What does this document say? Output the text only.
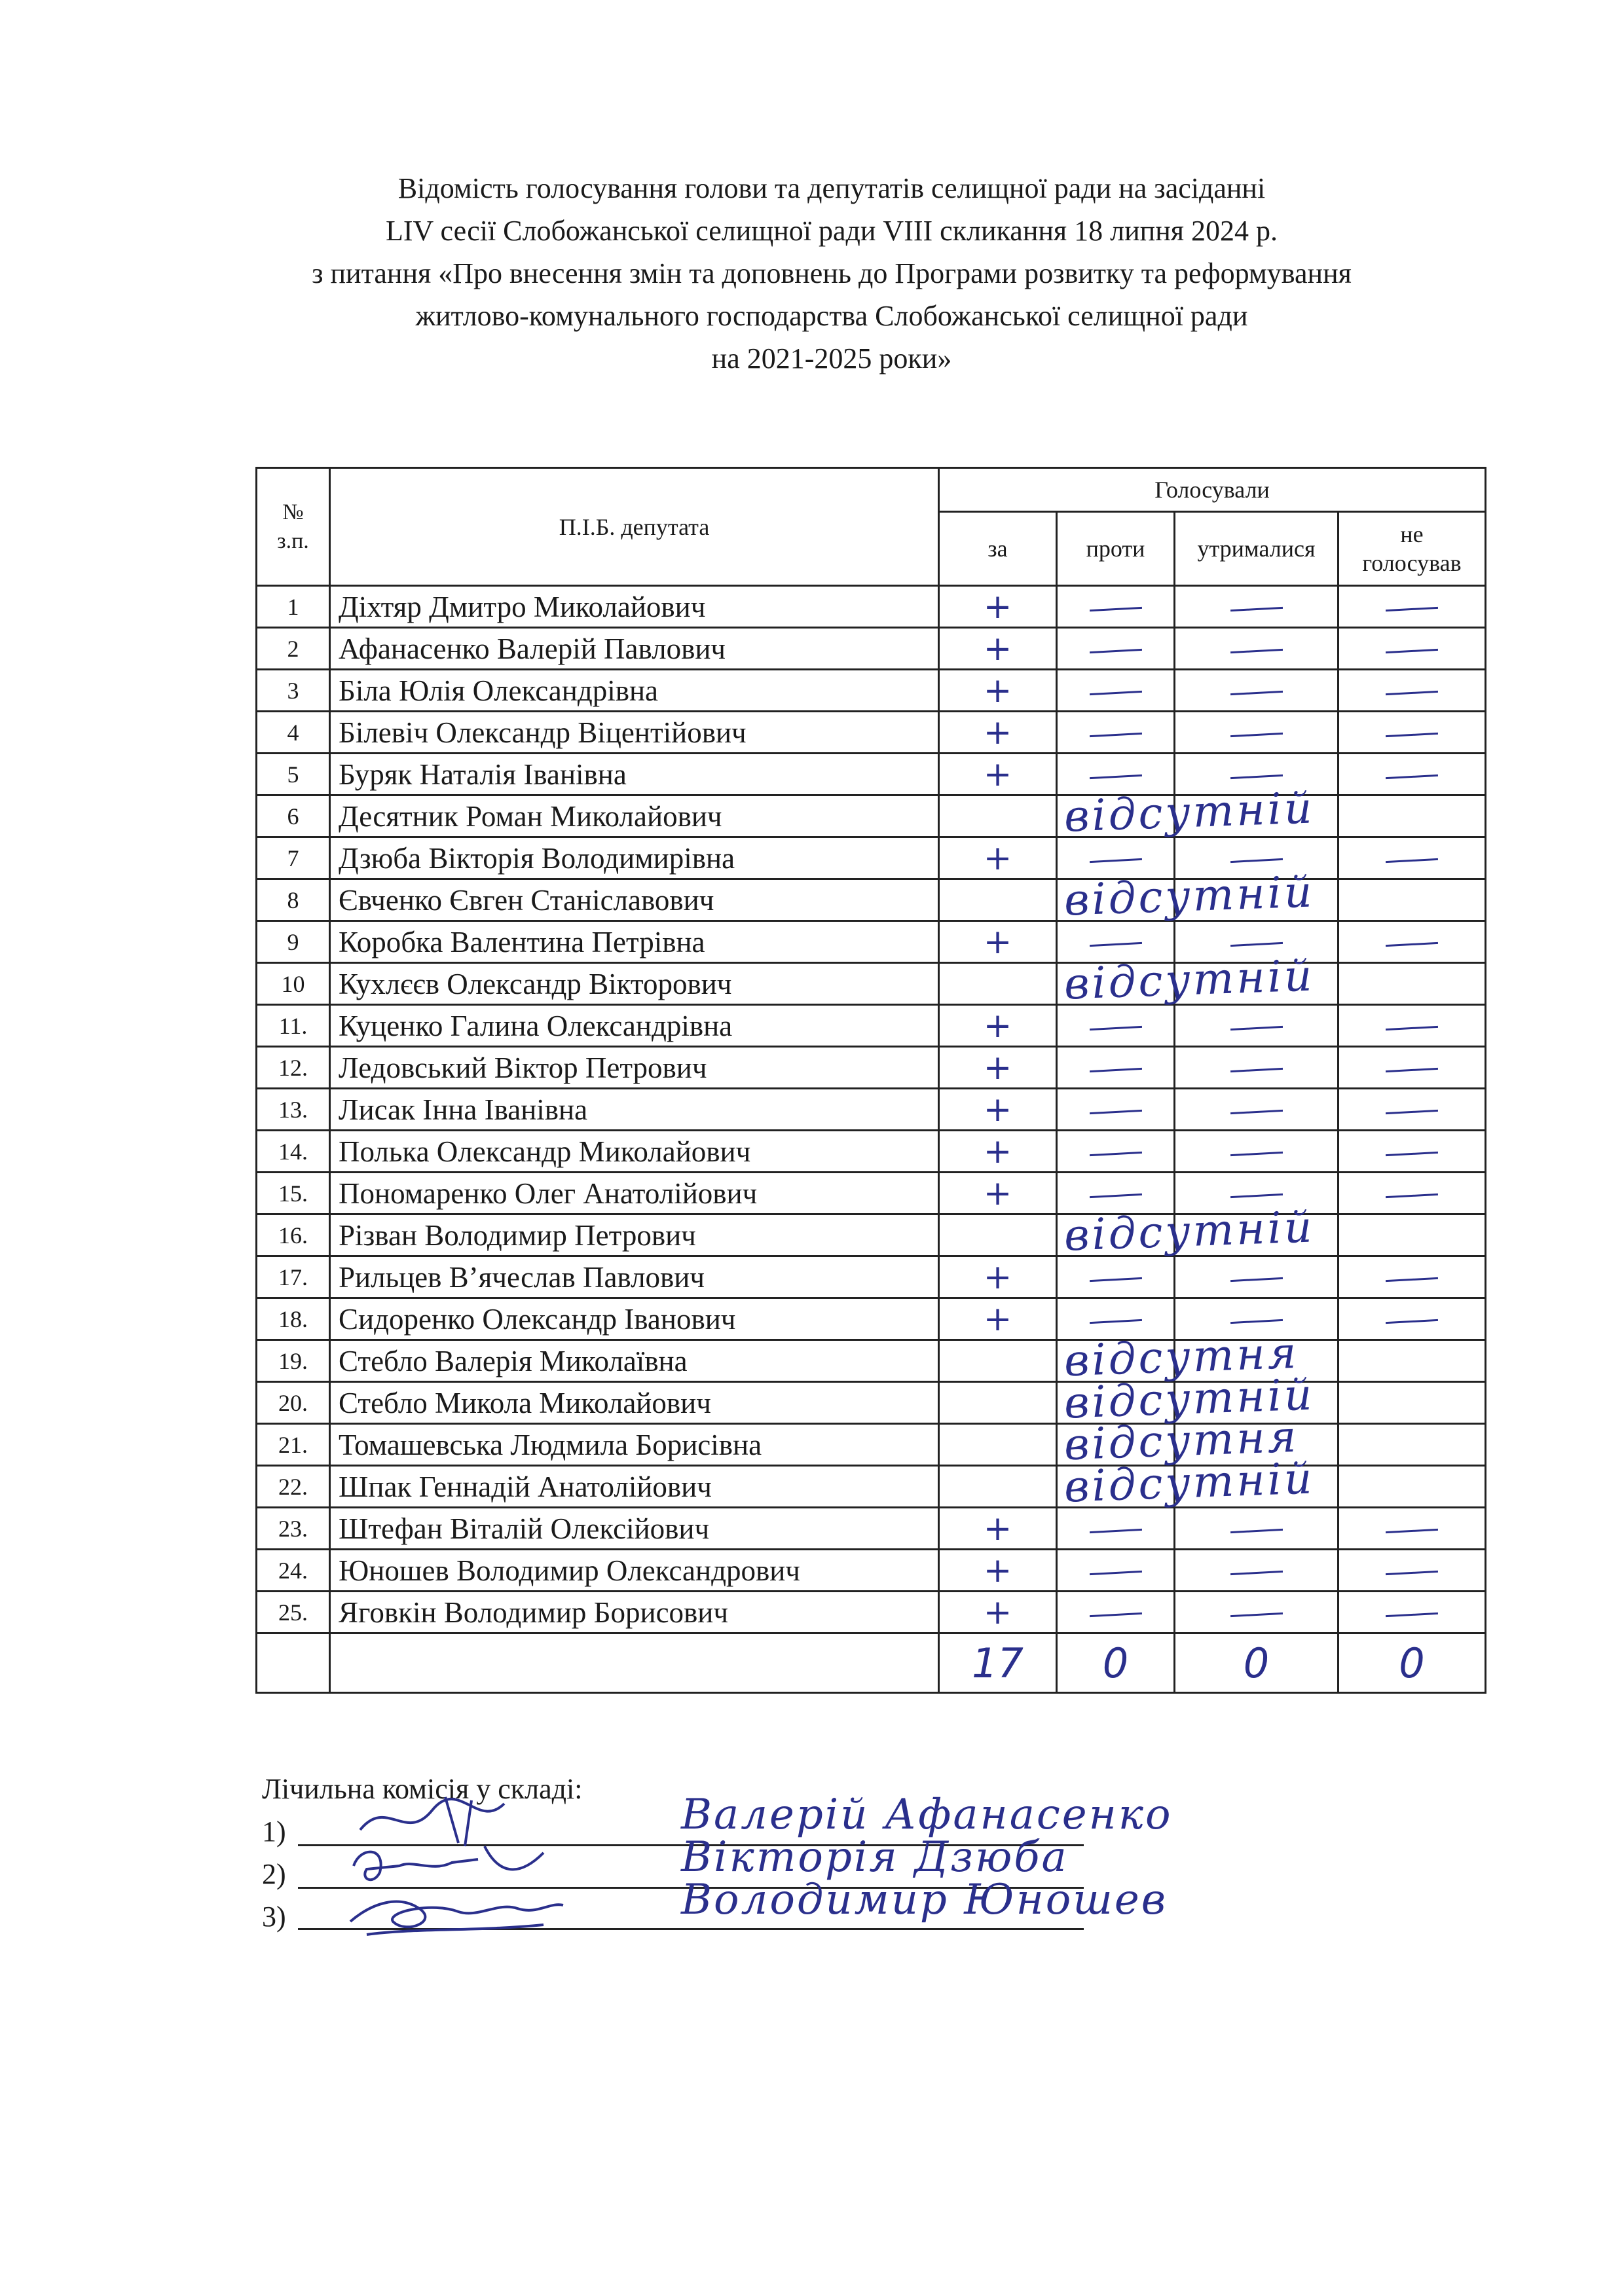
Відомість голосування голови та депутатів селищної ради на засіданні
LIV сесії Слобожанської селищної ради VIII скликання 18 липня 2024 р.
з питання «Про внесення змін та доповнень до Програми розвитку та реформування
житлово-комунального господарства Слобожанської селищної ради
на 2021-2025 роки»
№ з.п.	П.І.Б. депутата	Голосували			
		за	проти	утрималися	не голосував

1	Діхтяр Дмитро Миколайович	+			
2	Афанасенко Валерій Павлович	+			
3	Біла Юлія Олександрівна	+			
4	Білевіч Олександр Віцентійович	+			
5	Буряк Наталія Іванівна	+			
6	Десятник Роман Миколайович		відсутній		

7	Дзюба Вікторія Володимирівна	+			
8	Євченко Євген Станіславович		відсутній		

9	Коробка Валентина Петрівна	+			
10	Кухлєєв Олександр Вікторович		відсутній		

11.	Куценко Галина Олександрівна	+			
12.	Ледовський Віктор Петрович	+			
13.	Лисак Інна Іванівна	+			
14.	Полька Олександр Миколайович	+			
15.	Пономаренко Олег Анатолійович	+			
16.	Різван Володимир Петрович		відсутній		

17.	Рильцев В’ячеслав Павлович	+			
18.	Сидоренко Олександр Іванович	+			
19.	Стебло Валерія Миколаївна		відсутня		

20.	Стебло Микола Миколайович		відсутній		

21.	Томашевська Людмила Борисівна		відсутня		

22.	Шпак Геннадій Анатолійович		відсутній		

23.	Штефан Віталій Олексійович	+			
24.	Юнoшев Володимир Олександрович	+			
25.	Яговкін Володимир Борисович	+			
		17	0	0	0
Лічильна комісія у складі:
1)	Валерій Афанасенко
2)	Вікторія Дзюба
3)	Володимир Юношев
